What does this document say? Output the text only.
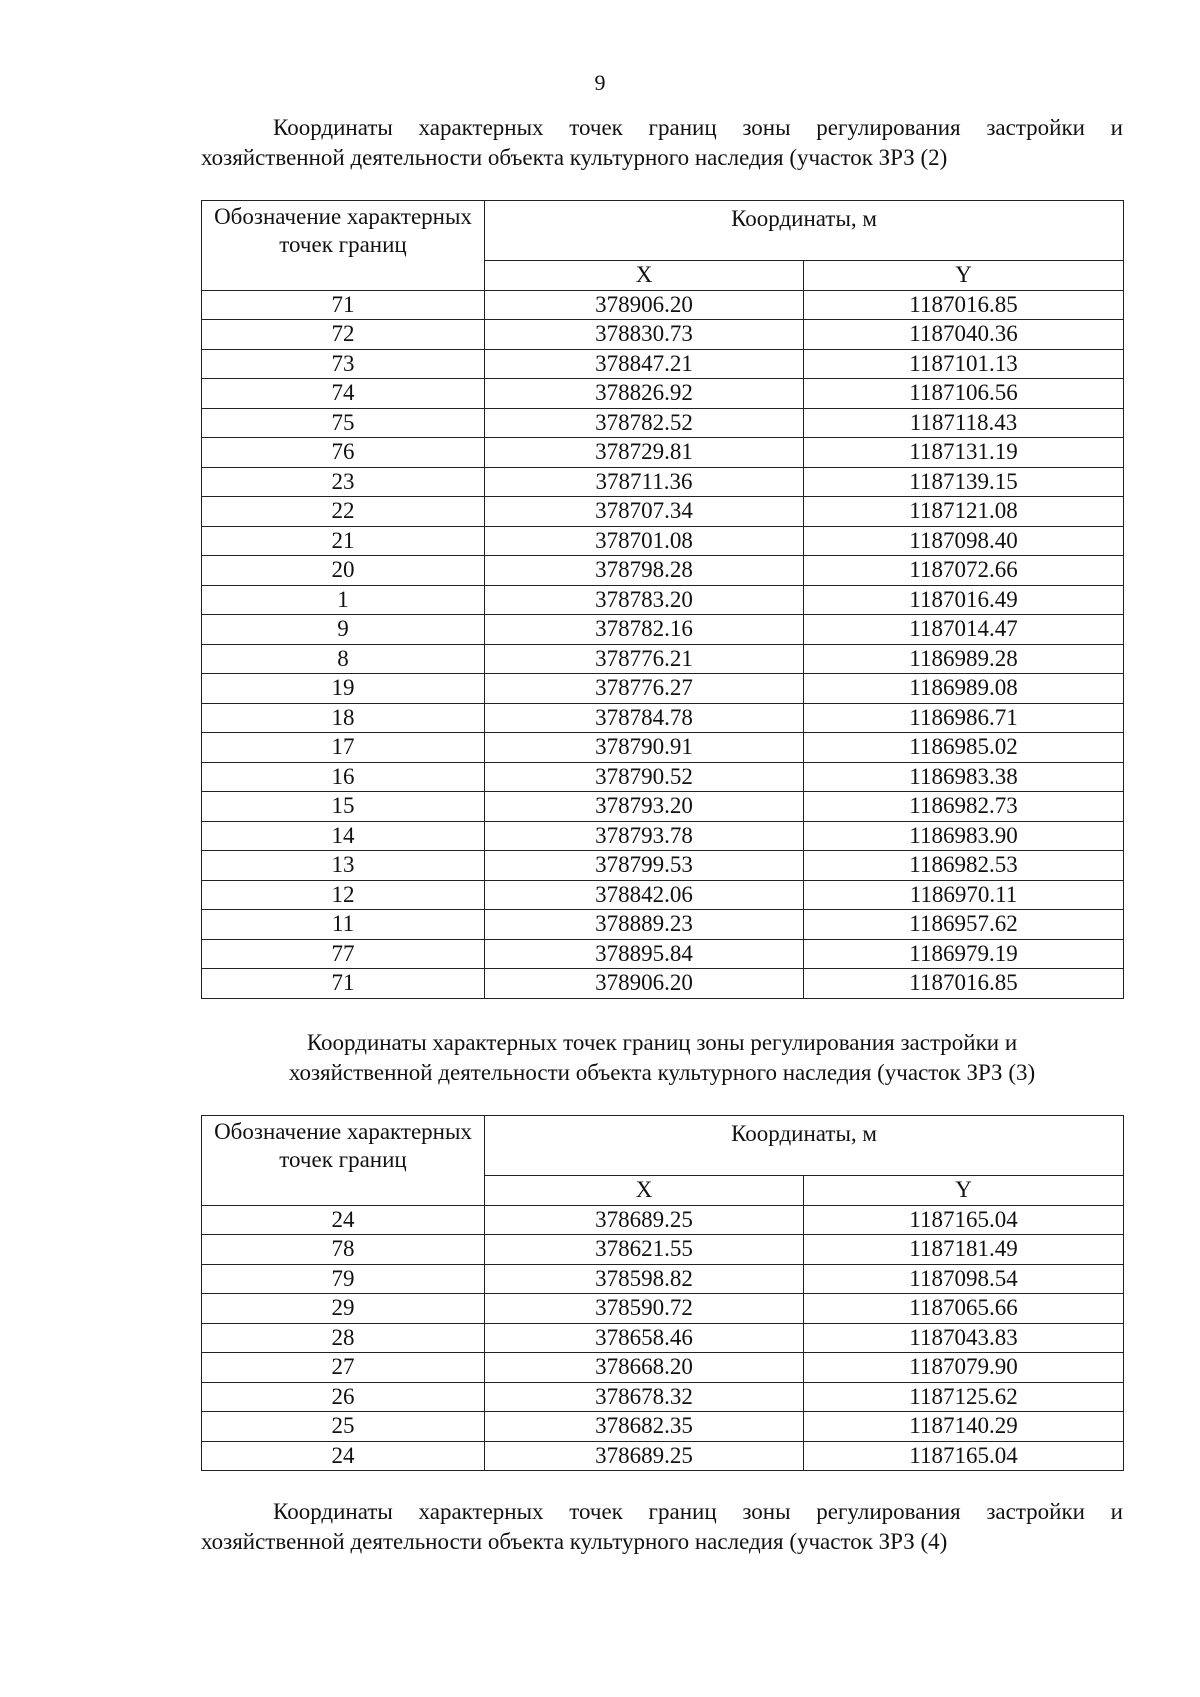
9
Координаты характерных точек границ зоны регулирования застройки и
хозяйственной деятельности объекта культурного наследия (участок ЗРЗ (2)
Обозначение характерных точек границ	Координаты, м	
	X	Y
71	378906.20	1187016.85
72	378830.73	1187040.36
73	378847.21	1187101.13
74	378826.92	1187106.56
75	378782.52	1187118.43
76	378729.81	1187131.19
23	378711.36	1187139.15
22	378707.34	1187121.08
21	378701.08	1187098.40
20	378798.28	1187072.66
1	378783.20	1187016.49
9	378782.16	1187014.47
8	378776.21	1186989.28
19	378776.27	1186989.08
18	378784.78	1186986.71
17	378790.91	1186985.02
16	378790.52	1186983.38
15	378793.20	1186982.73
14	378793.78	1186983.90
13	378799.53	1186982.53
12	378842.06	1186970.11
11	378889.23	1186957.62
77	378895.84	1186979.19
71	378906.20	1187016.85
Координаты характерных точек границ зоны регулирования застройки и
хозяйственной деятельности объекта культурного наследия (участок ЗРЗ (3)
Обозначение характерных точек границ	Координаты, м	
	X	Y
24	378689.25	1187165.04
78	378621.55	1187181.49
79	378598.82	1187098.54
29	378590.72	1187065.66
28	378658.46	1187043.83
27	378668.20	1187079.90
26	378678.32	1187125.62
25	378682.35	1187140.29
24	378689.25	1187165.04
Координаты характерных точек границ зоны регулирования застройки и
хозяйственной деятельности объекта культурного наследия (участок ЗРЗ (4)
